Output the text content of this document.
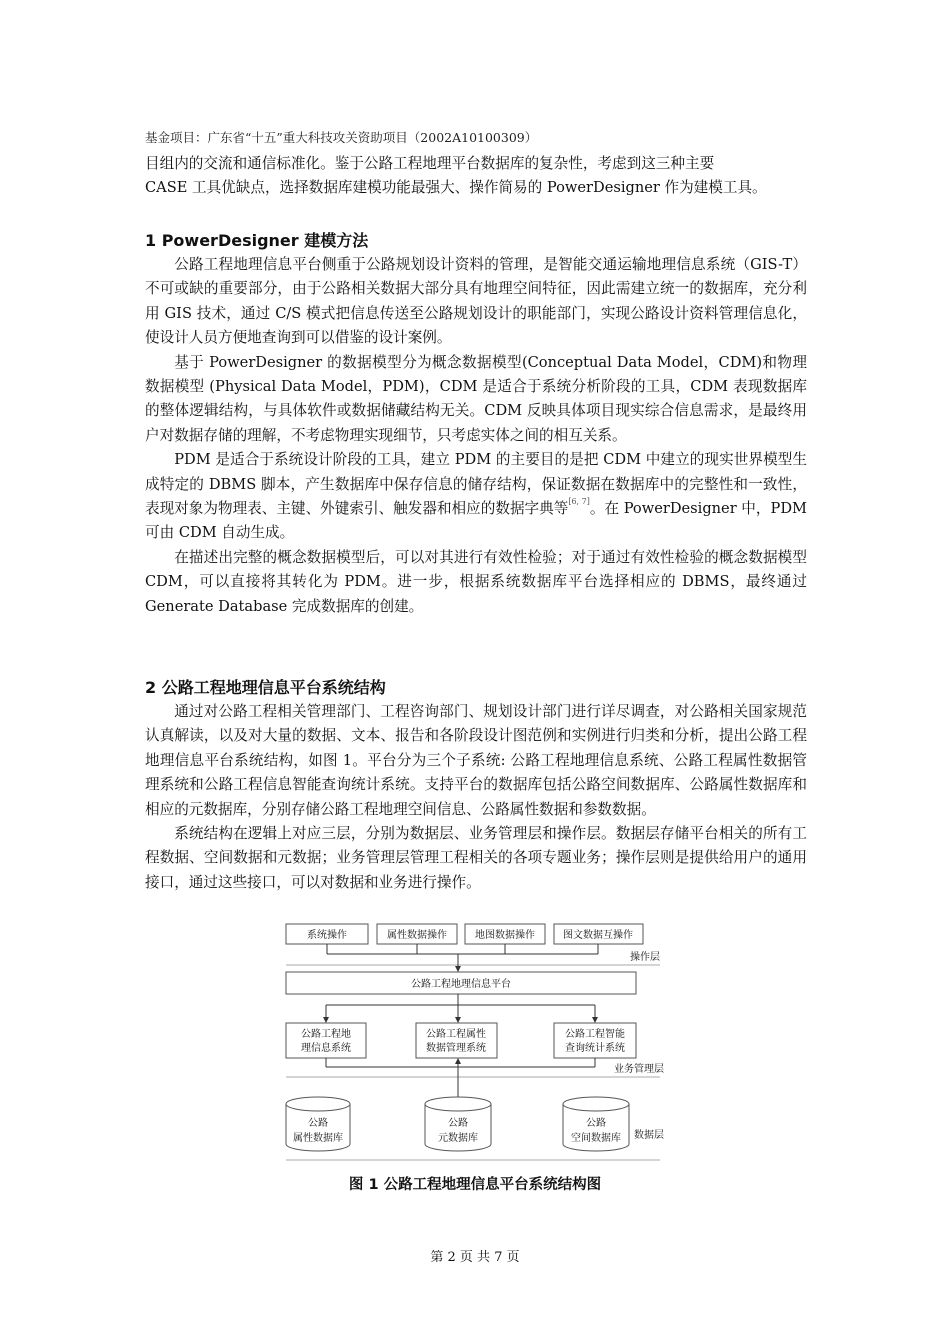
基金项目：广东省“十五”重大科技攻关资助项目（2002A10100309）

目组内的交流和通信标准化。鉴于公路工程地理平台数据库的复杂性，考虑到这三种主要

CASE 工具优缺点，选择数据库建模功能最强大、操作简易的 PowerDesigner 作为建模工具。

1 PowerDesigner 建模方法

公路工程地理信息平台侧重于公路规划设计资料的管理，是智能交通运输地理信息系统（GIS-T）不可或缺的重要部分，由于公路相关数据大部分具有地理空间特征，因此需建立统一的数据库，充分利用 GIS 技术，通过 C/S 模式把信息传送至公路规划设计的职能部门，实现公路设计资料管理信息化，使设计人员方便地查询到可以借鉴的设计案例。

基于 PowerDesigner 的数据模型分为概念数据模型(Conceptual Data Model，CDM)和物理数据模型 (Physical Data Model，PDM)，CDM 是适合于系统分析阶段的工具，CDM 表现数据库的整体逻辑结构，与具体软件或数据储藏结构无关。CDM 反映具体项目现实综合信息需求，是最终用户对数据存储的理解，不考虑物理实现细节，只考虑实体之间的相互关系。

PDM 是适合于系统设计阶段的工具，建立 PDM 的主要目的是把 CDM 中建立的现实世界模型生成特定的 DBMS 脚本，产生数据库中保存信息的储存结构，保证数据在数据库中的完整性和一致性，表现对象为物理表、主键、外键索引、触发器和相应的数据字典等[6, 7]。在 PowerDesigner 中，PDM 可由 CDM 自动生成。

在描述出完整的概念数据模型后，可以对其进行有效性检验；对于通过有效性检验的概念数据模型 CDM，可以直接将其转化为 PDM。进一步，根据系统数据库平台选择相应的 DBMS，最终通过 Generate Database 完成数据库的创建。

2 公路工程地理信息平台系统结构

通过对公路工程相关管理部门、工程咨询部门、规划设计部门进行详尽调查，对公路相关国家规范认真解读，以及对大量的数据、文本、报告和各阶段设计图范例和实例进行归类和分析，提出公路工程地理信息平台系统结构，如图 1。平台分为三个子系统: 公路工程地理信息系统、公路工程属性数据管理系统和公路工程信息智能查询统计系统。支持平台的数据库包括公路空间数据库、公路属性数据库和相应的元数据库，分别存储公路工程地理空间信息、公路属性数据和参数数据。

系统结构在逻辑上对应三层，分别为数据层、业务管理层和操作层。数据层存储平台相关的所有工程数据、空间数据和元数据；业务管理层管理工程相关的各项专题业务；操作层则是提供给用户的通用接口，通过这些接口，可以对数据和业务进行操作。

系统操作	属性数据操作	地图数据操作	图文数据互操作
公路工程地理信息平台
公路工程地
理信息系统
公路工程属性
数据管理系统
公路工程智能
查询统计系统
公路
属性数据库
公路
元数据库
公路
空间数据库
操作层
业务管理层
数据层
图 1 公路工程地理信息平台系统结构图
第 2 页 共 7 页
